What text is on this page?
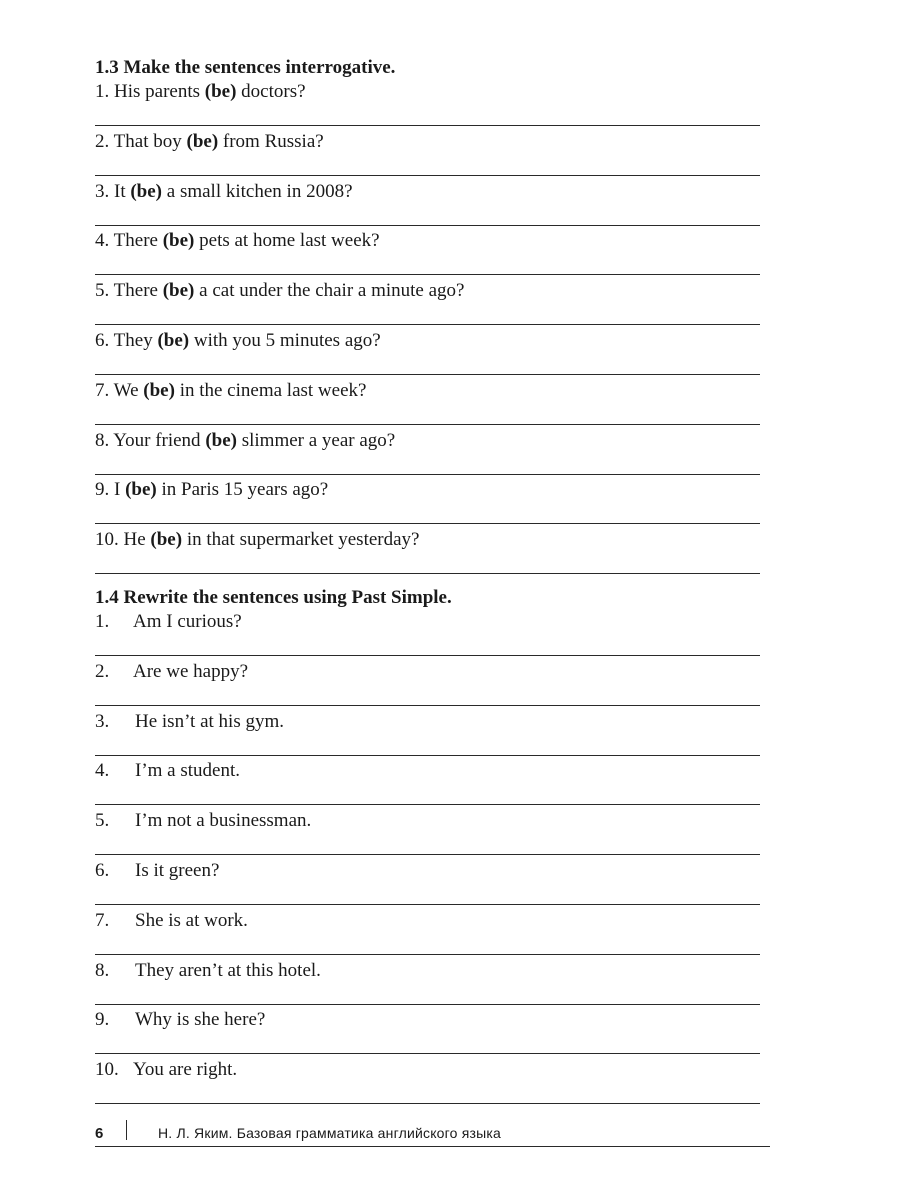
1.3 Make the sentences interrogative.
1. His parents (be) doctors?
2. That boy (be) from Russia?
3. It (be) a small kitchen in 2008?
4. There (be) pets at home last week?
5. There (be) a cat under the chair a minute ago?
6. They (be) with you 5 minutes ago?
7. We (be) in the cinema last week?
8. Your friend (be) slimmer a year ago?
9. I (be) in Paris 15 years ago?
10. He (be) in that supermarket yesterday?
1.4 Rewrite the sentences using Past Simple.
1. Am I curious?
2. Are we happy?
3. He isn’t at his gym.
4. I’m a student.
5. I’m not a businessman.
6. Is it green?
7. She is at work.
8. They aren’t at this hotel.
9. Why is she here?
10. You are right.
6	Н. Л. Яким. Базовая грамматика английского языка
